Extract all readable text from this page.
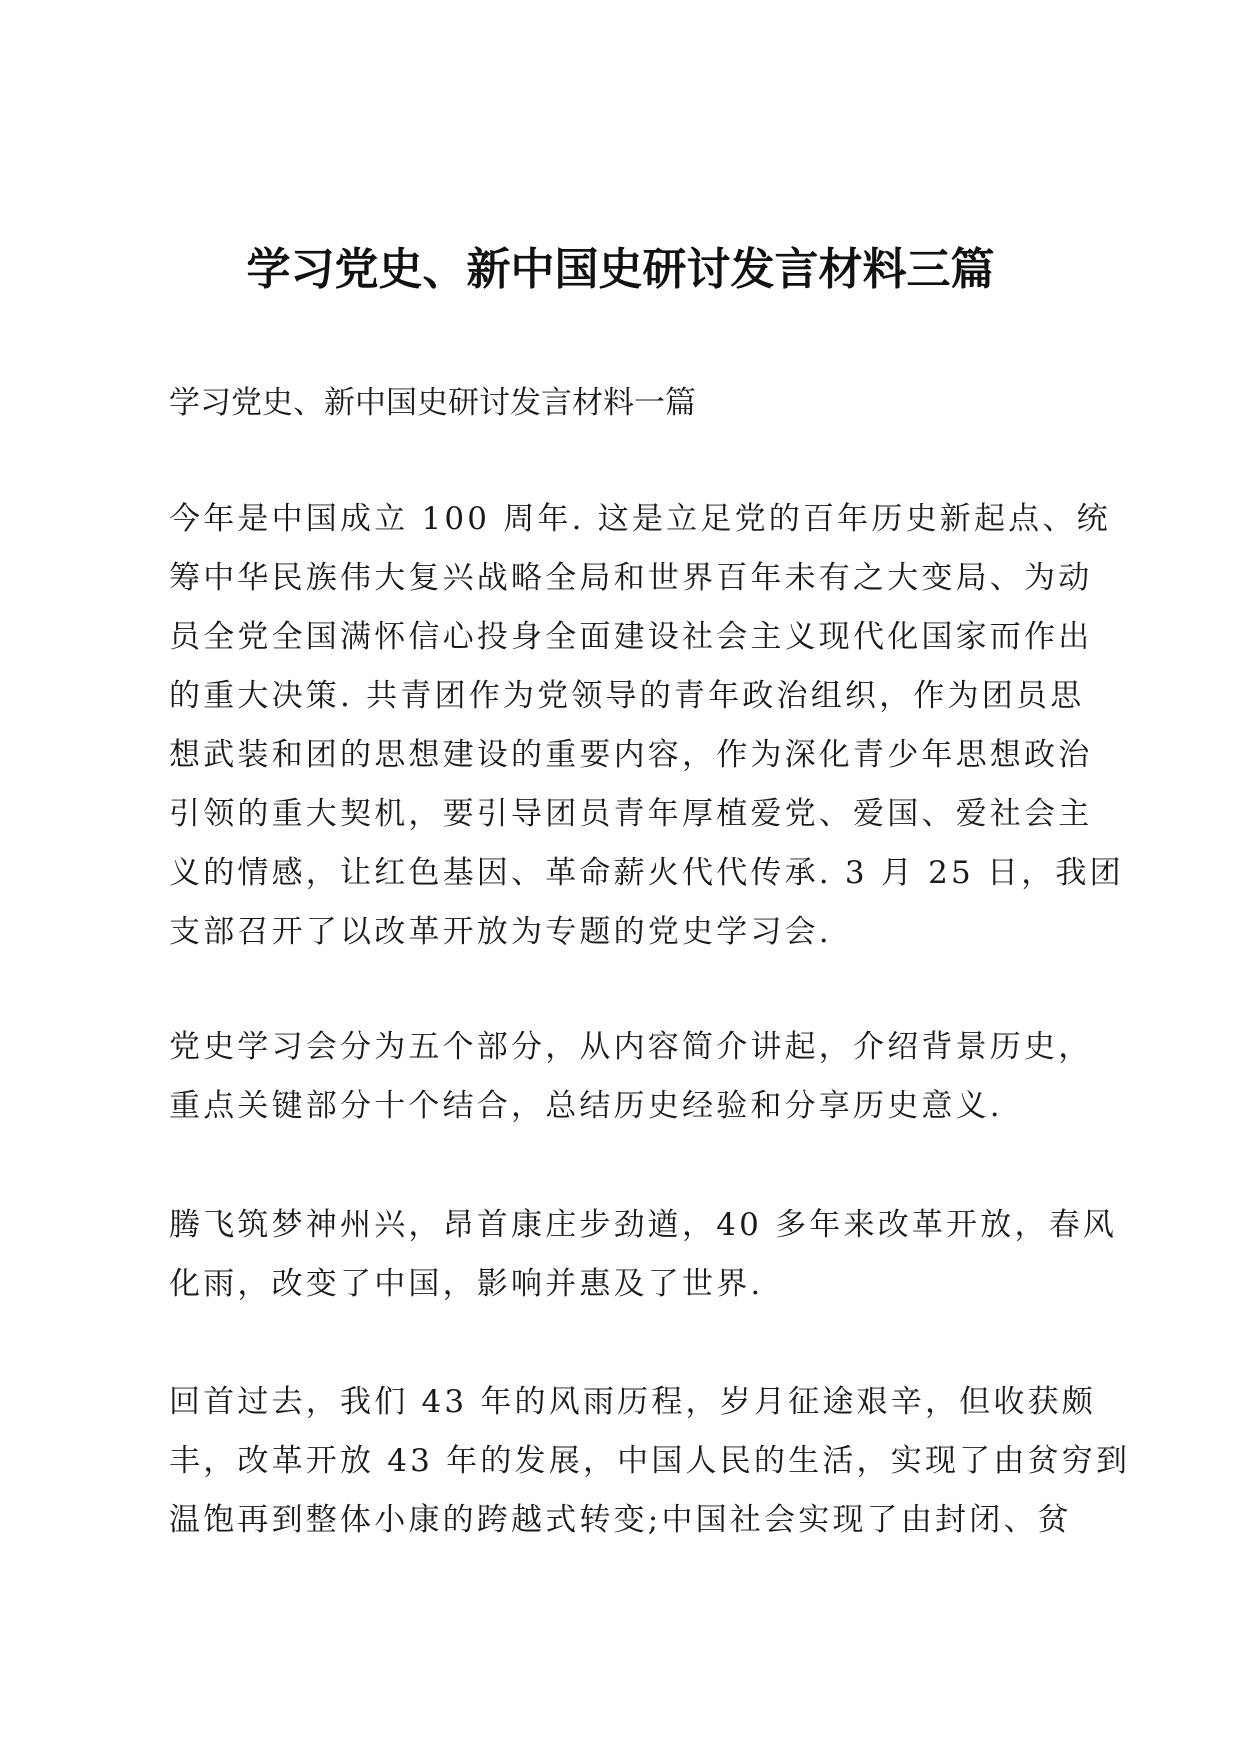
学习党史、新中国史研讨发言材料三篇

学习党史、新中国史研讨发言材料一篇

今年是中国成立 100 周年. 这是立足党的百年历史新起点、统
筹中华民族伟大复兴战略全局和世界百年未有之大变局、为动
员全党全国满怀信心投身全面建设社会主义现代化国家而作出
的重大决策. 共青团作为党领导的青年政治组织，作为团员思
想武装和团的思想建设的重要内容，作为深化青少年思想政治
引领的重大契机，要引导团员青年厚植爱党、爱国、爱社会主
义的情感，让红色基因、革命薪火代代传承. 3 月 25 日，我团
支部召开了以改革开放为专题的党史学习会.
党史学习会分为五个部分，从内容简介讲起，介绍背景历史，
重点关键部分十个结合，总结历史经验和分享历史意义.
腾飞筑梦神州兴，昂首康庄步劲遒，40 多年来改革开放，春风
化雨，改变了中国，影响并惠及了世界.
回首过去，我们 43 年的风雨历程，岁月征途艰辛，但收获颇
丰，改革开放 43 年的发展，中国人民的生活，实现了由贫穷到
温饱再到整体小康的跨越式转变;中国社会实现了由封闭、贫
